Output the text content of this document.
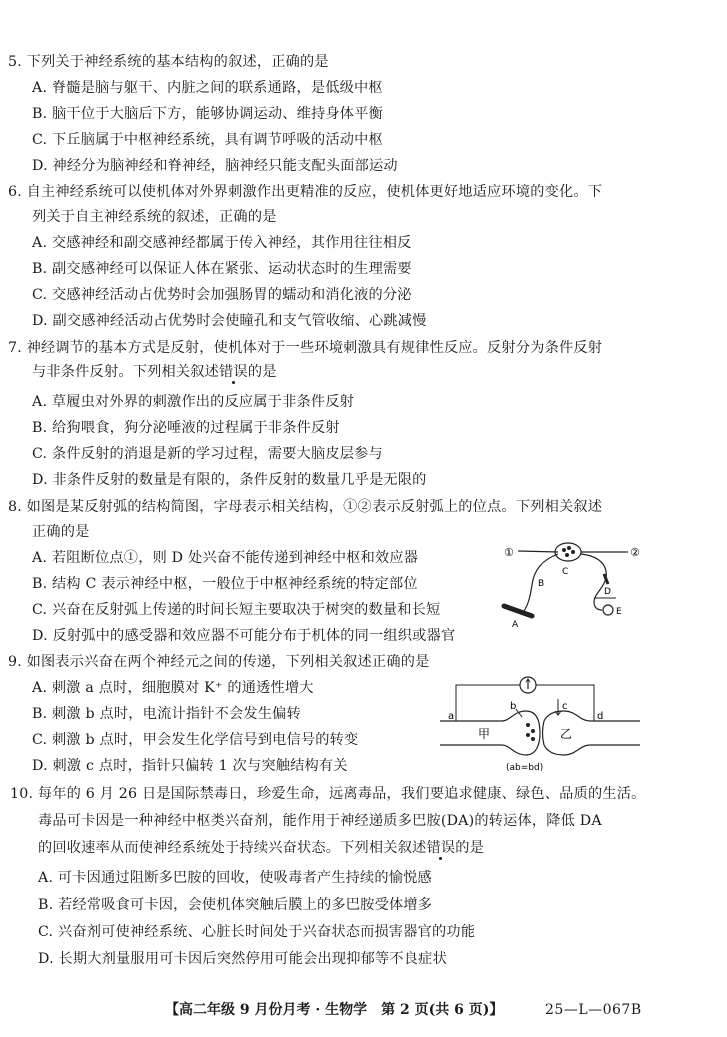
5. 下列关于神经系统的基本结构的叙述，正确的是
A. 脊髓是脑与躯干、内脏之间的联系通路，是低级中枢
B. 脑干位于大脑后下方，能够协调运动、维持身体平衡
C. 下丘脑属于中枢神经系统，具有调节呼吸的活动中枢
D. 神经分为脑神经和脊神经，脑神经只能支配头面部运动
6. 自主神经系统可以使机体对外界刺激作出更精准的反应，使机体更好地适应环境的变化。下
列关于自主神经系统的叙述，正确的是
A. 交感神经和副交感神经都属于传入神经，其作用往往相反
B. 副交感神经可以保证人体在紧张、运动状态时的生理需要
C. 交感神经活动占优势时会加强肠胃的蠕动和消化液的分泌
D. 副交感神经活动占优势时会使瞳孔和支气管收缩、心跳减慢
7. 神经调节的基本方式是反射，使机体对于一些环境刺激具有规律性反应。反射分为条件反射
与非条件反射。下列相关叙述错误的是
A. 草履虫对外界的刺激作出的反应属于非条件反射
B. 给狗喂食，狗分泌唾液的过程属于非条件反射
C. 条件反射的消退是新的学习过程，需要大脑皮层参与
D. 非条件反射的数量是有限的，条件反射的数量几乎是无限的
8. 如图是某反射弧的结构简图，字母表示相关结构，①②表示反射弧上的位点。下列相关叙述
正确的是
A. 若阻断位点①，则 D 处兴奋不能传递到神经中枢和效应器
B. 结构 C 表示神经中枢，一般位于中枢神经系统的特定部位
C. 兴奋在反射弧上传递的时间长短主要取决于树突的数量和长短
D. 反射弧中的感受器和效应器不可能分布于机体的同一组织或器官
①	②
C
B
A
D
E
9. 如图表示兴奋在两个神经元之间的传递，下列相关叙述正确的是
A. 刺激 a 点时，细胞膜对 K⁺ 的通透性增大
B. 刺激 b 点时，电流计指针不会发生偏转
C. 刺激 b 点时，甲会发生化学信号到电信号的转变
D. 刺激 c 点时，指针只偏转 1 次与突触结构有关
a
b	c
d
甲	乙
(ab=bd)
10. 每年的 6 月 26 日是国际禁毒日，珍爱生命，远离毒品，我们要追求健康、绿色、品质的生活。
毒品可卡因是一种神经中枢类兴奋剂，能作用于神经递质多巴胺(DA)的转运体，降低 DA
的回收速率从而使神经系统处于持续兴奋状态。下列相关叙述错误的是
A. 可卡因通过阻断多巴胺的回收，使吸毒者产生持续的愉悦感
B. 若经常吸食可卡因，会使机体突触后膜上的多巴胺受体增多
C. 兴奋剂可使神经系统、心脏长时间处于兴奋状态而损害器官的功能
D. 长期大剂量服用可卡因后突然停用可能会出现抑郁等不良症状
【高二年级 9 月份月考 · 生物学　第 2 页(共 6 页)】	25—L—067B
